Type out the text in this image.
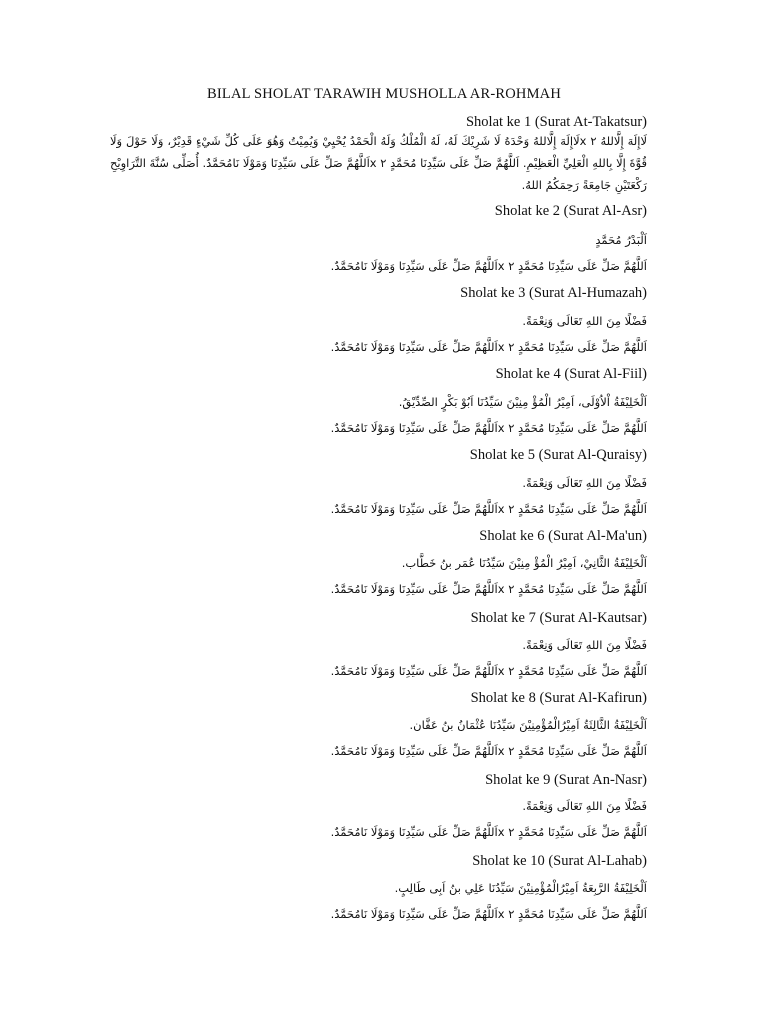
BILAL SHOLAT TARAWIH MUSHOLLA AR-ROHMAH
Sholat ke 1 (Surat At-Takatsur)
لَاإِلَهَ إِلَّاللهُ ۲ xلَاإِلَهَ إِلَّاللهُ وَحْدَهُ لَا شَرِيْكَ لَهُ، لَهُ الْمُلْكُ وَلَهُ الْحَمْدُ يُحْيِيْ وَيُمِيْتُ وَهُوَ عَلَى كُلِّ شَيْءٍ قَدِيْرٌ، وَلَا حَوْلَ وَلَا قُوَّةَ إِلَّا بِاللهِ الْعَلِيِّ الْعَظِيْمِ. اَللَّهُمَّ صَلِّ عَلَى سَيِّدِنَا مُحَمَّدٍ ۲ xاَللَّهُمَّ صَلِّ عَلَى سَيِّدِنَا وَمَوْلَا نَامُحَمَّدٌ. أُصَلِّى سُنَّةَ التَّرَاوِيْحِ رَكْعَتَيْنِ جَامِعَةً رَحِمَكُمُ اللهُ.
Sholat ke 2 (Surat Al-Asr)
اَلْبَدْرُ مُحَمَّدٍ
اَللَّهُمَّ صَلِّ عَلَى سَيِّدِنَا مُحَمَّدٍ ۲ xاَللَّهُمَّ صَلِّ عَلَى سَيِّدِنَا وَمَوْلَا نَامُحَمَّدٌ.
Sholat ke 3 (Surat Al-Humazah)
فَضْلًا مِنَ اللهِ تَعَالَى وَنِعْمَةً.
اَللَّهُمَّ صَلِّ عَلَى سَيِّدِنَا مُحَمَّدٍ ۲ xاَللَّهُمَّ صَلِّ عَلَى سَيِّدِنَا وَمَوْلَا نَامُحَمَّدٌ.
Sholat ke 4 (Surat Al-Fiil)
اَلْخَلِيْفَةُ اْلاُوْلَى، اَمِيْرُ الْمُؤْ مِنِيْنَ سَيِّدُنَا اَبُوْ بَكْرٍ الصِّدِّيْقُ.
اَللَّهُمَّ صَلِّ عَلَى سَيِّدِنَا مُحَمَّدٍ ۲ xاَللَّهُمَّ صَلِّ عَلَى سَيِّدِنَا وَمَوْلَا نَامُحَمَّدٌ.
Sholat ke 5 (Surat Al-Quraisy)
فَضْلًا مِنَ اللهِ تَعَالَى وَنِعْمَةً.
اَللَّهُمَّ صَلِّ عَلَى سَيِّدِنَا مُحَمَّدٍ ۲ xاَللَّهُمَّ صَلِّ عَلَى سَيِّدِنَا وَمَوْلَا نَامُحَمَّدٌ.
Sholat ke 6 (Surat Al-Ma'un)
اَلْخَلِيْفَةُ الثَّانِيْ، اَمِيْرُ الْمُؤْ مِنِيْنَ سَيِّدُنَا عُمَر بنُ خَطَّاب.
اَللَّهُمَّ صَلِّ عَلَى سَيِّدِنَا مُحَمَّدٍ ۲ xاَللَّهُمَّ صَلِّ عَلَى سَيِّدِنَا وَمَوْلَا نَامُحَمَّدٌ.
Sholat ke 7 (Surat Al-Kautsar)
فَضْلًا مِنَ اللهِ تَعَالَى وَنِعْمَةً.
اَللَّهُمَّ صَلِّ عَلَى سَيِّدِنَا مُحَمَّدٍ ۲ xاَللَّهُمَّ صَلِّ عَلَى سَيِّدِنَا وَمَوْلَا نَامُحَمَّدٌ.
Sholat ke 8 (Surat Al-Kafirun)
اَلْخَلِيْفَةُ الثَّالِثَةُ اَمِيْرُالْمُؤْمِنِيْنَ سَيِّدُنَا عُثْمَانُ بنُ عَفَّان.
اَللَّهُمَّ صَلِّ عَلَى سَيِّدِنَا مُحَمَّدٍ ۲ xاَللَّهُمَّ صَلِّ عَلَى سَيِّدِنَا وَمَوْلَا نَامُحَمَّدٌ.
Sholat ke 9 (Surat An-Nasr)
فَضْلًا مِنَ اللهِ تَعَالَى وَنِعْمَةً.
اَللَّهُمَّ صَلِّ عَلَى سَيِّدِنَا مُحَمَّدٍ ۲ xاَللَّهُمَّ صَلِّ عَلَى سَيِّدِنَا وَمَوْلَا نَامُحَمَّدٌ.
Sholat ke 10 (Surat Al-Lahab)
اَلْخَلِيْفَةُ الرَّبِعَةُ اَمِيْرُالْمُؤْمِنِيْنَ سَيِّدُنَا عَلِي بنُ اَبِى طَالِبٍ.
اَللَّهُمَّ صَلِّ عَلَى سَيِّدِنَا مُحَمَّدٍ ۲ xاَللَّهُمَّ صَلِّ عَلَى سَيِّدِنَا وَمَوْلَا نَامُحَمَّدٌ.
